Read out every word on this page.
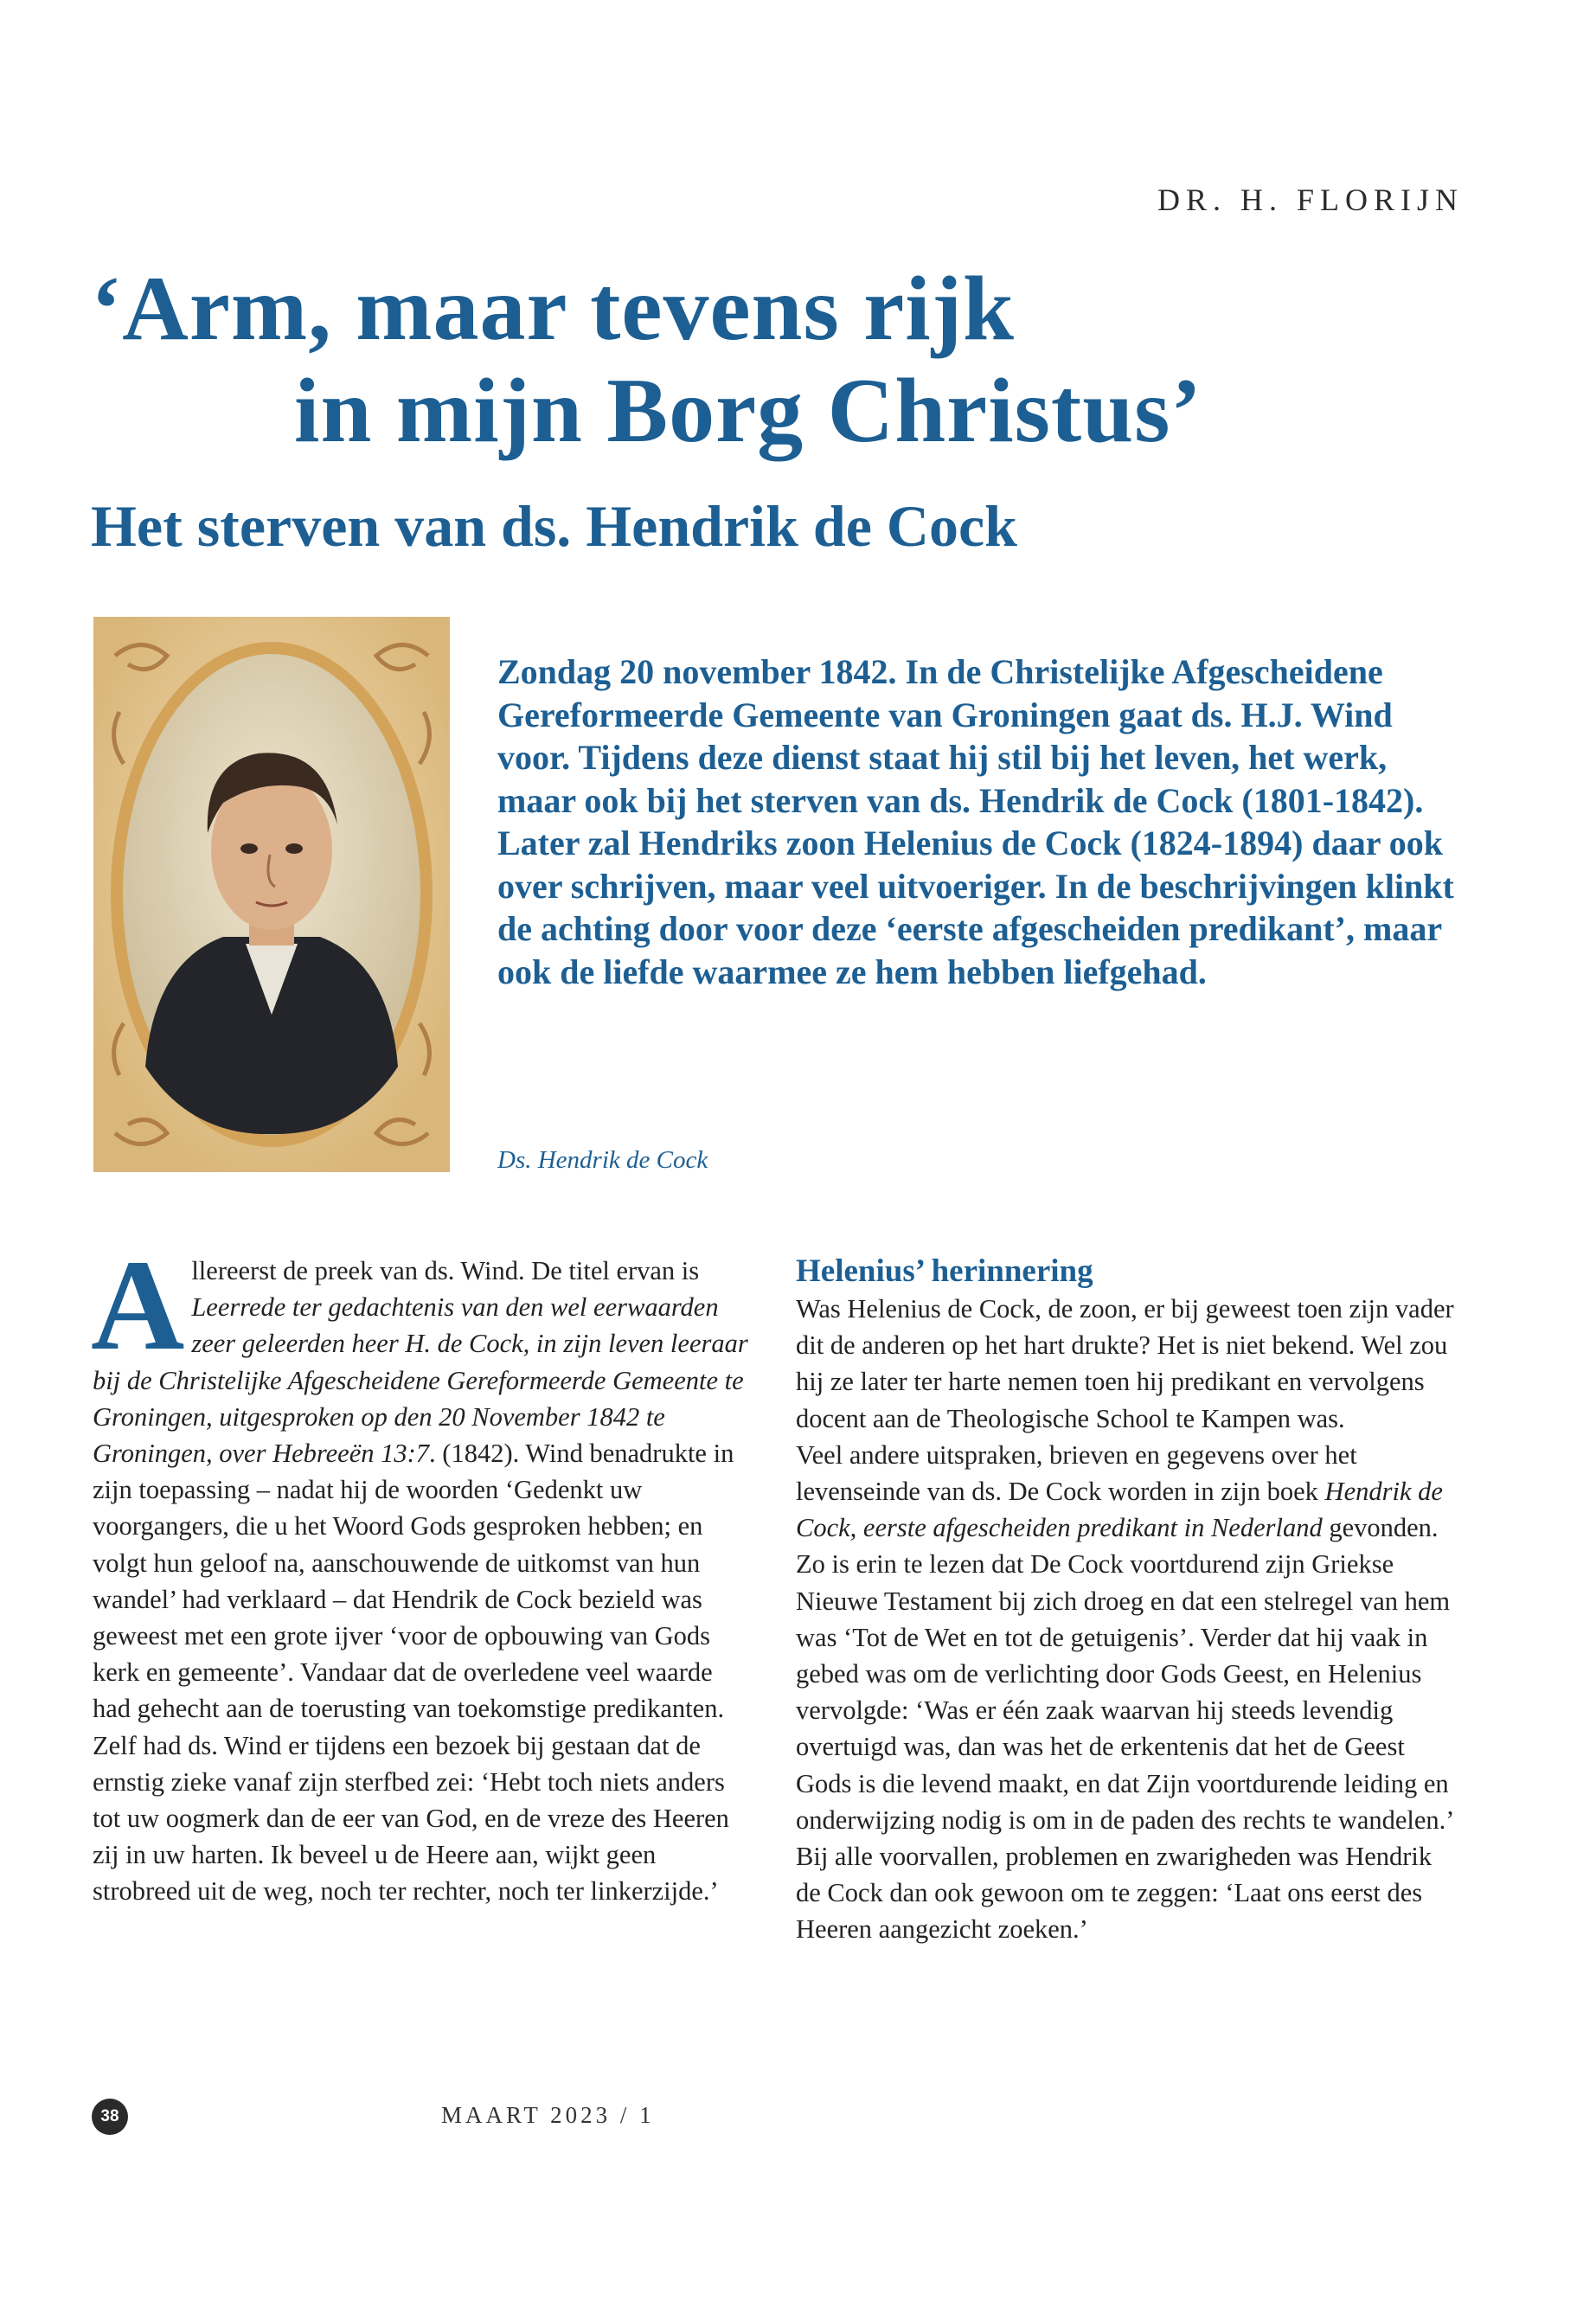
DR. H. FLORIJN
‘Arm, maar tevens rijk
in mijn Borg Christus’
Het sterven van ds. Hendrik de Cock

Zondag 20 november 1842. In de Christelijke Afgescheidene Gereformeerde Gemeente van Groningen gaat ds. H.J. Wind voor. Tijdens deze dienst staat hij stil bij het leven, het werk, maar ook bij het sterven van ds. Hendrik de Cock (1801-1842). Later zal Hendriks zoon Helenius de Cock (1824-1894) daar ook over schrijven, maar veel uitvoeriger. In de beschrijvingen klinkt de achting door voor deze ‘eerste afgescheiden predikant’, maar ook de liefde waarmee ze hem hebben liefgehad.

Ds. Hendrik de Cock

Allereerst de preek van ds. Wind. De titel ervan is Leerrede ter gedachtenis van den wel eerwaarden zeer geleerden heer H. de Cock, in zijn leven leeraar bij de Christelijke Afgescheidene Gereformeerde Gemeente te Groningen, uitgesproken op den 20 November 1842 te Groningen, over Hebreeën 13:7. (1842). Wind benadrukte in zijn toepassing – nadat hij de woorden ‘Gedenkt uw voorgangers, die u het Woord Gods gesproken hebben; en volgt hun geloof na, aanschouwende de uitkomst van hun wandel’ had verklaard – dat Hendrik de Cock bezield was geweest met een grote ijver ‘voor de opbouwing van Gods kerk en gemeente’. Vandaar dat de overledene veel waarde had gehecht aan de toerusting van toekomstige predikanten. Zelf had ds. Wind er tijdens een bezoek bij gestaan dat de ernstig zieke vanaf zijn sterfbed zei: ‘Hebt toch niets anders tot uw oogmerk dan de eer van God, en de vreze des Heeren zij in uw harten. Ik beveel u de Heere aan, wijkt geen strobreed uit de weg, noch ter rechter, noch ter linkerzijde.’

Helenius’ herinnering

Was Helenius de Cock, de zoon, er bij geweest toen zijn vader dit de anderen op het hart drukte? Het is niet bekend. Wel zou hij ze later ter harte nemen toen hij predikant en vervolgens docent aan de Theologische School te Kampen was.

Veel andere uitspraken, brieven en gegevens over het levenseinde van ds. De Cock worden in zijn boek Hendrik de Cock, eerste afgescheiden predikant in Nederland gevonden. Zo is erin te lezen dat De Cock voortdurend zijn Griekse Nieuwe Testament bij zich droeg en dat een stelregel van hem was ‘Tot de Wet en tot de getuigenis’. Verder dat hij vaak in gebed was om de verlichting door Gods Geest, en Helenius vervolgde: ‘Was er één zaak waarvan hij steeds levendig overtuigd was, dan was het de erkentenis dat het de Geest Gods is die levend maakt, en dat Zijn voortdurende leiding en onderwijzing nodig is om in de paden des rechts te wandelen.’ Bij alle voorvallen, problemen en zwarigheden was Hendrik de Cock dan ook gewoon om te zeggen: ‘Laat ons eerst des Heeren aangezicht zoeken.’

38	MAART 2023 / 1
